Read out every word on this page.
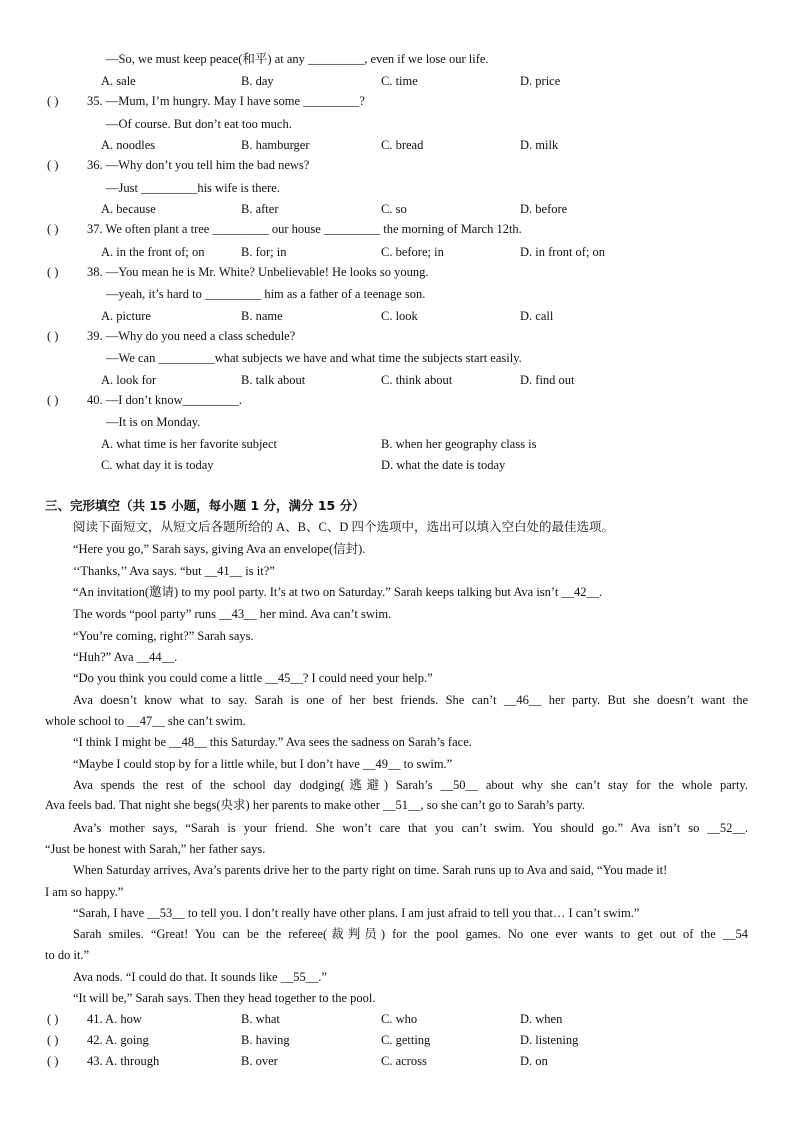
—So, we must keep peace(和平) at any _________, even if we lose our life.
A. sale	B. day	C. time	D. price
( ) 35. —Mum, I’m hungry. May I have some _________?
—Of course. But don’t eat too much.
A. noodles	B. hamburger	C. bread	D. milk
( ) 36. —Why don’t you tell him the bad news?
—Just _________his wife is there.
A. because	B. after	C. so	D. before
( ) 37. We often plant a tree _________ our house _________ the morning of March 12th.
A. in the front of; on	B. for; in	C. before; in	D. in front of; on
( ) 38. —You mean he is Mr. White? Unbelievable! He looks so young.
—yeah, it’s hard to _________ him as a father of a teenage son.
A. picture	B. name	C. look	D. call
( ) 39. —Why do you need a class schedule?
—We can _________what subjects we have and what time the subjects start easily.
A. look for	B. talk about	C. think about	D. find out
( ) 40. —I don’t know_________.
—It is on Monday.
A. what time is her favorite subject	B. when her geography class is
C. what day it is today	D. what the date is today
三、完形填空（共 15 小题，每小题 1 分，满分 15 分）
阅读下面短文，从短文后各题所给的 A、B、C、D 四个选项中，选出可以填入空白处的最佳选项。
“Here you go,” Sarah says, giving Ava an envelope(信封).
‘‘Thanks,’’ Ava says. “but __41__ is it?”
“An invitation(邀请) to my pool party. It’s at two on Saturday.” Sarah keeps talking but Ava isn’t __42__.
The words “pool party” runs __43__ her mind. Ava can’t swim.
“You’re coming, right?” Sarah says.
“Huh?” Ava __44__.
“Do you think you could come a little __45__? I could need your help.”
Ava doesn’t know what to say. Sarah is one of her best friends. She can’t __46__ her party. But she doesn’t want the
whole school to __47__ she can’t swim.
“I think I might be __48__ this Saturday.” Ava sees the sadness on Sarah’s face.
“Maybe I could stop by for a little while, but I don’t have __49__ to swim.”
Ava spends the rest of the school day dodging(逃避) Sarah’s __50__ about why she can’t stay for the whole party.
Ava feels bad. That night she begs(央求) her parents to make other __51__, so she can’t go to Sarah’s party.
Ava’s mother says, “Sarah is your friend. She won’t care that you can’t swim. You should go.” Ava isn’t so __52__.
“Just be honest with Sarah,” her father says.
When Saturday arrives, Ava’s parents drive her to the party right on time. Sarah runs up to Ava and said, “You made it!
I am so happy.”
“Sarah, I have __53__ to tell you. I don’t really have other plans. I am just afraid to tell you that… I can’t swim.”
Sarah smiles. “Great! You can be the referee(裁判员) for the pool games. No one ever wants to get out of the __54
to do it.”
Ava nods. “I could do that. It sounds like __55__.”
“It will be,” Sarah says. Then they head together to the pool.
( ) 41. A. how	B. what	C. who	D. when
( ) 42. A. going	B. having	C. getting	D. listening
( ) 43. A. through	B. over	C. across	D. on
